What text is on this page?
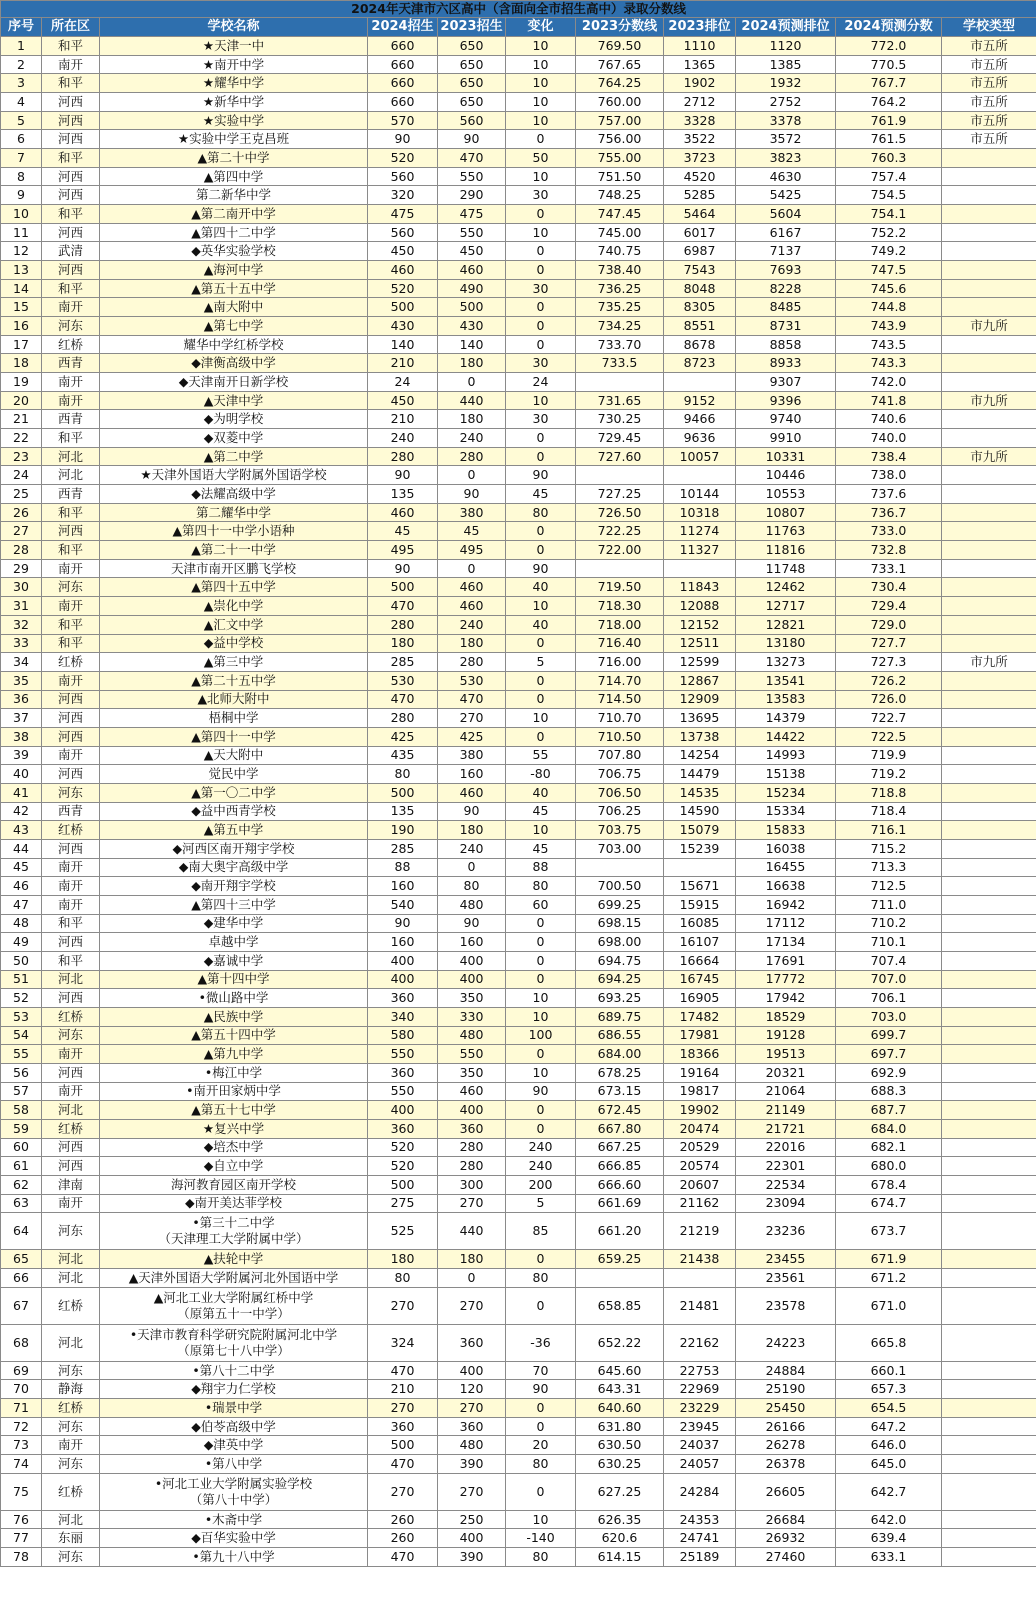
2024年天津市六区高中（含面向全市招生高中）录取分数线										
序号	所在区	学校名称	2024招生	2023招生	变化	2023分数线	2023排位	2024预测排位	2024预测分数	学校类型
1	和平	★天津一中	660	650	10	769.50	1110	1120	772.0	市五所
2	南开	★南开中学	660	650	10	767.65	1365	1385	770.5	市五所
3	和平	★耀华中学	660	650	10	764.25	1902	1932	767.7	市五所
4	河西	★新华中学	660	650	10	760.00	2712	2752	764.2	市五所
5	河西	★实验中学	570	560	10	757.00	3328	3378	761.9	市五所
6	河西	★实验中学王克昌班	90	90	0	756.00	3522	3572	761.5	市五所
7	和平	▲第二十中学	520	470	50	755.00	3723	3823	760.3	
8	河西	▲第四中学	560	550	10	751.50	4520	4630	757.4	
9	河西	第二新华中学	320	290	30	748.25	5285	5425	754.5	
10	和平	▲第二南开中学	475	475	0	747.45	5464	5604	754.1	
11	河西	▲第四十二中学	560	550	10	745.00	6017	6167	752.2	
12	武清	◆英华实验学校	450	450	0	740.75	6987	7137	749.2	
13	河西	▲海河中学	460	460	0	738.40	7543	7693	747.5	
14	和平	▲第五十五中学	520	490	30	736.25	8048	8228	745.6	
15	南开	▲南大附中	500	500	0	735.25	8305	8485	744.8	
16	河东	▲第七中学	430	430	0	734.25	8551	8731	743.9	市九所
17	红桥	耀华中学红桥学校	140	140	0	733.70	8678	8858	743.5	
18	西青	◆津衡高级中学	210	180	30	733.5	8723	8933	743.3	
19	南开	◆天津南开日新学校	24	0	24			9307	742.0	
20	南开	▲天津中学	450	440	10	731.65	9152	9396	741.8	市九所
21	西青	◆为明学校	210	180	30	730.25	9466	9740	740.6	
22	和平	◆双菱中学	240	240	0	729.45	9636	9910	740.0	
23	河北	▲第二中学	280	280	0	727.60	10057	10331	738.4	市九所
24	河北	★天津外国语大学附属外国语学校	90	0	90			10446	738.0	
25	西青	◆法耀高级中学	135	90	45	727.25	10144	10553	737.6	
26	和平	第二耀华中学	460	380	80	726.50	10318	10807	736.7	
27	河西	▲第四十一中学小语种	45	45	0	722.25	11274	11763	733.0	
28	和平	▲第二十一中学	495	495	0	722.00	11327	11816	732.8	
29	南开	天津市南开区鹏飞学校	90	0	90			11748	733.1	
30	河东	▲第四十五中学	500	460	40	719.50	11843	12462	730.4	
31	南开	▲崇化中学	470	460	10	718.30	12088	12717	729.4	
32	和平	▲汇文中学	280	240	40	718.00	12152	12821	729.0	
33	和平	◆益中学校	180	180	0	716.40	12511	13180	727.7	
34	红桥	▲第三中学	285	280	5	716.00	12599	13273	727.3	市九所
35	南开	▲第二十五中学	530	530	0	714.70	12867	13541	726.2	
36	河西	▲北师大附中	470	470	0	714.50	12909	13583	726.0	
37	河西	梧桐中学	280	270	10	710.70	13695	14379	722.7	
38	河西	▲第四十一中学	425	425	0	710.50	13738	14422	722.5	
39	南开	▲天大附中	435	380	55	707.80	14254	14993	719.9	
40	河西	觉民中学	80	160	-80	706.75	14479	15138	719.2	
41	河东	▲第一〇二中学	500	460	40	706.50	14535	15234	718.8	
42	西青	◆益中西青学校	135	90	45	706.25	14590	15334	718.4	
43	红桥	▲第五中学	190	180	10	703.75	15079	15833	716.1	
44	河西	◆河西区南开翔宇学校	285	240	45	703.00	15239	16038	715.2	
45	南开	◆南大奥宇高级中学	88	0	88			16455	713.3	
46	南开	◆南开翔宇学校	160	80	80	700.50	15671	16638	712.5	
47	南开	▲第四十三中学	540	480	60	699.25	15915	16942	711.0	
48	和平	◆建华中学	90	90	0	698.15	16085	17112	710.2	
49	河西	卓越中学	160	160	0	698.00	16107	17134	710.1	
50	和平	◆嘉诚中学	400	400	0	694.75	16664	17691	707.4	
51	河北	▲第十四中学	400	400	0	694.25	16745	17772	707.0	
52	河西	•微山路中学	360	350	10	693.25	16905	17942	706.1	
53	红桥	▲民族中学	340	330	10	689.75	17482	18529	703.0	
54	河东	▲第五十四中学	580	480	100	686.55	17981	19128	699.7	
55	南开	▲第九中学	550	550	0	684.00	18366	19513	697.7	
56	河西	•梅江中学	360	350	10	678.25	19164	20321	692.9	
57	南开	•南开田家炳中学	550	460	90	673.15	19817	21064	688.3	
58	河北	▲第五十七中学	400	400	0	672.45	19902	21149	687.7	
59	红桥	★复兴中学	360	360	0	667.80	20474	21721	684.0	
60	河西	◆培杰中学	520	280	240	667.25	20529	22016	682.1	
61	河西	◆自立中学	520	280	240	666.85	20574	22301	680.0	
62	津南	海河教育园区南开学校	500	300	200	666.60	20607	22534	678.4	
63	南开	◆南开美达菲学校	275	270	5	661.69	21162	23094	674.7	
64	河东	•第三十二中学
（天津理工大学附属中学）	525	440	85	661.20	21219	23236	673.7	
65	河北	▲扶轮中学	180	180	0	659.25	21438	23455	671.9	
66	河北	▲天津外国语大学附属河北外国语中学	80	0	80			23561	671.2	
67	红桥	▲河北工业大学附属红桥中学
（原第五十一中学）	270	270	0	658.85	21481	23578	671.0	
68	河北	•天津市教育科学研究院附属河北中学
（原第七十八中学）	324	360	-36	652.22	22162	24223	665.8	
69	河东	•第八十二中学	470	400	70	645.60	22753	24884	660.1	
70	静海	◆翔宇力仁学校	210	120	90	643.31	22969	25190	657.3	
71	红桥	•瑞景中学	270	270	0	640.60	23229	25450	654.5	
72	河东	◆伯苓高级中学	360	360	0	631.80	23945	26166	647.2	
73	南开	◆津英中学	500	480	20	630.50	24037	26278	646.0	
74	河东	•第八中学	470	390	80	630.25	24057	26378	645.0	
75	红桥	•河北工业大学附属实验学校
（第八十中学）	270	270	0	627.25	24284	26605	642.7	
76	河北	•木斋中学	260	250	10	626.35	24353	26684	642.0	
77	东丽	◆百华实验中学	260	400	-140	620.6	24741	26932	639.4	
78	河东	•第九十八中学	470	390	80	614.15	25189	27460	633.1	
